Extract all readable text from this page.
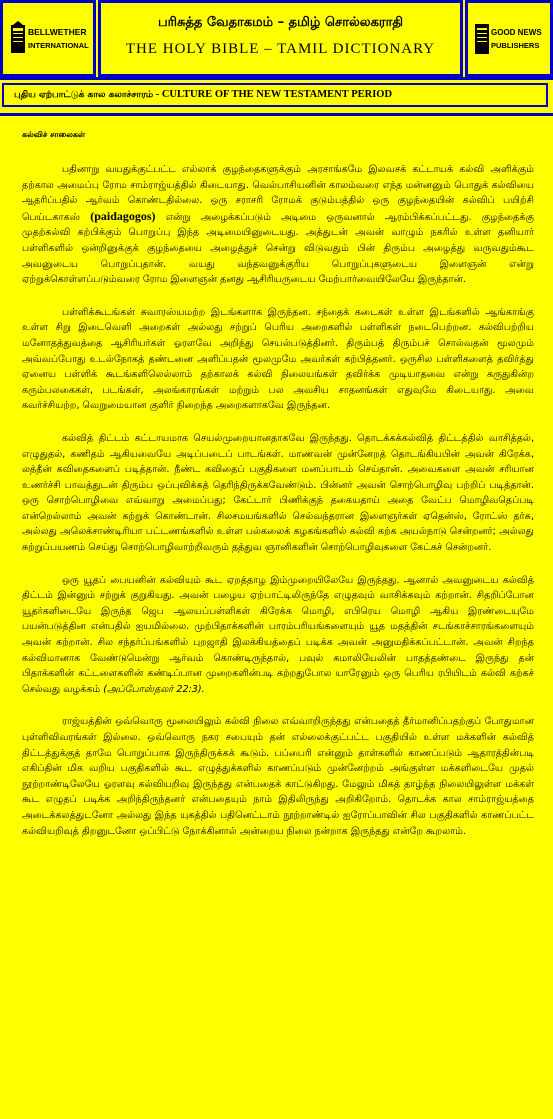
BELLWETHER
INTERNATIONAL
பரிசுத்த வேதாகமம் – தமிழ் சொல்லகராதி
THE HOLY BIBLE – TAMIL DICTIONARY
GOOD NEWS
PUBLISHERS
புதிய ஏற்பாட்டுக் கால கலாச்சாரம் - CULTURE OF THE NEW TESTAMENT PERIOD
கல்விச் சாலைகள்

பதினாறு வயதுக்குட்பட்ட எல்லாக் குழந்தைகளுக்கும் அரசாங்கமே இலவசக் கட்டாயக் கல்வி அளிக்கும் தற்கால அமைப்பு ரோம சாம்ராஜ்யத்தில் கிடையாது. வெல்பாசியனின் காலம்வரை எந்த மன்னனும் பொதுக் கல்வியை ஆதரிப்பதில் ஆர்வம் கொண்டதில்லை. ஒரு சராசரி ரோமக் குடும்பத்தில் ஒரு குழந்தையின் கல்விப் பயிற்சி பெய்டகாகஸ் (paidagogos) என்று அழைக்கப்படும் அடிமை ஒருவனால் ஆரம்பிக்கப்பட்டது. குழந்தைக்கு முதற்கல்வி கற்பிக்கும் பொறுப்பு இந்த அடிமையினுடையது. அத்துடன் அவன் வாழும் நகரில் உள்ள தனியார் பள்ளிகளில் ஒன்றினுக்குக் குழந்தையை அழைத்துச் சென்று விடுவதும் பின் திரும்ப அழைத்து வருவதும்கூட அவனுடைய பொறுப்புதான். வயது வந்தவனுக்குரிய பொறுப்புகளுடைய இளைஞன் என்று ஏற்றுக்கொள்ளப்படும்வரை ரோம இளைஞன் தனது ஆசிரியருடைய மேற்பார்வையிலேயே இருந்தான்.

பள்ளிக்கூடங்கள் சுவாரஸ்யமற்ற இடங்களாக இருந்தன. சந்தைக் கடைகள் உள்ள இடங்களில் ஆங்காங்கு உள்ள சிறு இடைவெளி அறைகள் அல்லது சற்றுப் பெரிய அறைகளில் பள்ளிகள் நடைபெற்றன. கல்விபற்றிய மனோதத்துவத்தை ஆசிரியர்கள் ஓரளவே அறிந்து செயல்படுத்தினர். திரும்பத் திரும்பச் சொல்வதன் மூலமும் அவ்வப்போது உடல்நோகத் தண்டனை அளிப்பதன் மூலமுமே அவர்கள் கற்பித்தனர். ஒருசில பள்ளிகளைத் தவிர்த்து ஏனைய பள்ளிக் கூடங்களிலெல்லாம் தற்காலக் கல்வி நிலையங்கள் தவிர்க்க முடியாதவை என்று கருதுகின்ற கரும்பலகைகள், படங்கள், அலங்காரங்கள் மற்றும் பல அவசிய சாதனங்கள் எதுவுமே கிடையாது. அவை கவர்ச்சியற்ற, வெறுமையான குளிர் நிறைந்த அறைகளாகவே இருந்தன.

கல்வித் திட்டம் கட்டாயமாக செயல்முறையானதாகவே இருந்தது. தொடக்கக்கல்வித் திட்டத்தில் வாசித்தல், எழுதுதல், கணிதம் ஆகியவையே அடிப்படைப் பாடங்கள். மாணவன் முன்னேறத் தொடங்கியபின் அவன் கிரேக்க, லத்தீன் கவிதைகளைப் படித்தான். நீண்ட கவிதைப் பகுதிகளை மனப்பாடம் செய்தான். அவைகளை அவன் சரியான உணர்ச்சி பாவத்துடன் திரும்ப ஒப்புவிக்கத் தெரிந்திருக்கவேண்டும். பின்னர் அவன் சொற்பொழிவு பற்றிப் படித்தான். ஒரு சொற்பொழிவை எவ்வாறு அமைப்பது; கேட்டார் பிணிக்குந் தகையதாய் அதை வேட்ப மொழிவதெப்படி என்றெல்லாம் அவன் கற்றுக் கொண்டான். சிலசமயங்களில் செல்வந்தரான இளைஞர்கள் ஏதென்ஸ், ரோட்ஸ் தர்சு, அல்லது அலெக்சாண்டிரியா பட்டணங்களில் உள்ள பல்கலைக் கழகங்களில் கல்வி கற்க அயல்நாடு சென்றனர்; அல்லது சுற்றுப்பயணம் செய்து சொற்பொழிவாற்றிவரும் தத்துவ ஞானிகளின் சொற்பொழிவுகளை கேட்கச் சென்றனர்.

ஒரு யூதப் பையனின் கல்வியும் கூட ஏறத்தாழ இம்முறையிலேயே இருந்தது. ஆனால் அவனுடைய கல்வித் திட்டம் இன்னும் சற்றுக் குறுகியது. அவன் பழைய ஏற்பாட்டிலிருந்தே எழுதவும் வாசிக்கவும் கற்றான். சிதறிப்போன யூதர்களிடையே இருந்த ஜெப ஆலயப்பள்ளிகள் கிரேக்க மொழி, எபிரெய மொழி ஆகிய இரண்டையுமே பயன்படுத்தின என்பதில் ஐயமில்லை. முற்பிதாக்களின் பாரம்பரியங்களையும் யூத மதத்தின் சடங்காச்சாரங்களையும் அவன் கற்றான். சில சந்தர்ப்பங்களில் புறஜாதி இலக்கியத்தைப் படிக்க அவன் அனுமதிக்கப்பட்டான். அவன் சிறந்த கல்விமானாக வேண்டுமென்று ஆர்வம் கொண்டிருந்தால், பவுல் கமாலியேலின் பாதத்தண்டை இருந்து தன் பிதாக்களின் கட்டளைகளின் கண்டிப்பான முறைகளின்படி கற்றதுபோல யாரேனும் ஒரு பெரிய ரபியிடம் கல்வி கற்கச் செல்வது வழக்கம் (அப்போஸ்தலர் 22:3).

ராஜ்யத்தின் ஒவ்வொரு மூலையிலும் கல்வி நிலை எவ்வாறிருந்தது என்பதைத் தீர்மானிப்பதற்குப் போதுமான புள்ளிவிவரங்கள் இல்லை. ஒவ்வொரு நகர சபையும் தன் எல்லைக்குட்பட்ட பகுதியில் உள்ள மக்களின் கல்வித் திட்டத்துக்குத் தாமே பொறுப்பாக இருந்திருக்கக் கூடும். பப்பைரி என்னும் தாள்களில் காணப்படும் ஆதாரத்தின்படி எகிப்தின் மிக வறிய பகுதிகளில் கூட எழுத்துக்களில் காணப்படும் முன்னேற்றம் அங்குள்ள மக்களிடையே முதல் நூற்றாண்டிலேயே ஓரளவு கல்வியறிவு இருந்தது என்பதைக் காட்டுகிறது. மேலும் மிகத் தாழ்ந்த நிலையிலுள்ள மக்கள் கூட எழுதப் படிக்க அறிந்திருந்தனர் என்பதையும் நாம் இதிலிருந்து அறிகிறோம். தொடக்க கால சாம்ராஜ்யத்தை அடைக்கலத்துடனோ அல்லது இந்த யுகத்தில் பதினெட்டாம் நூற்றாண்டில் ஐரோப்பாவின் சில பகுதிகளில் காணப்பட்ட கல்வியறிவுத் திறனுடனோ ஒப்பிட்டு நோக்கினால் அன்றைய நிலை நன்றாக இருந்தது என்றே கூறலாம்.
